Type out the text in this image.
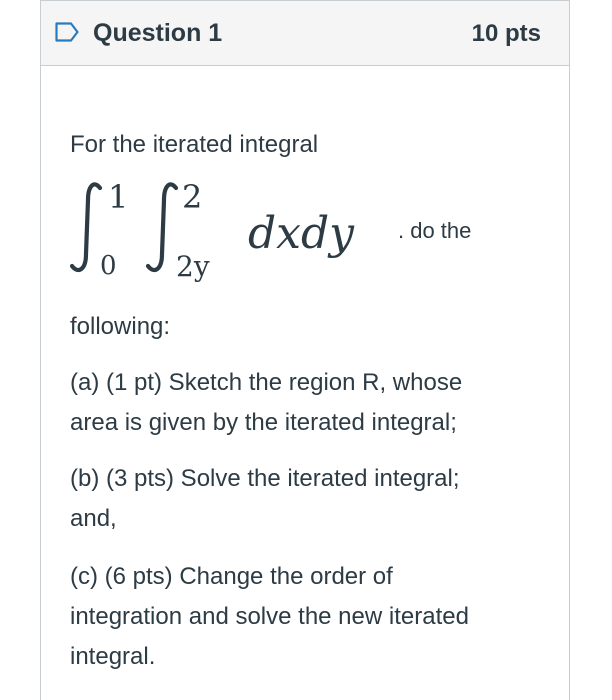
Question 1	10 pts
For the iterated integral
1
0
2
2y
dxdy . do the
following:
(a) (1 pt) Sketch the region R, whose
area is given by the iterated integral;
(b) (3 pts) Solve the iterated integral;
and,
(c) (6 pts) Change the order of
integration and solve the new iterated
integral.
